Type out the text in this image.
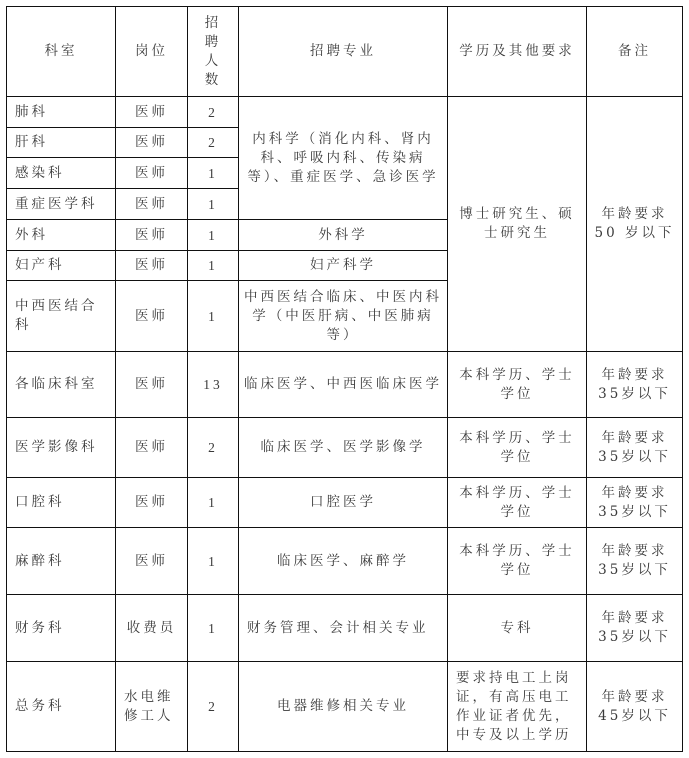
科室	岗位	招
聘
人
数	招聘专业	学历及其他要求	备注
肺科	医师	2	内科学（消化内科、肾内科、呼吸内科、传染病等）、重症医学、急诊医学	博士研究生、硕士研究生	年龄要求 50 岁以下
肝科	医师	2			
感染科	医师	1			
重症医学科	医师	1			
外科	医师	1	外科学		
妇产科	医师	1	妇产科学		
中西医结合科	医师	1	中西医结合临床、中医内科学（中医肝病、中医肺病等）		
各临床科室	医师	13	临床医学、中西医临床医学	本科学历、学士学位	年龄要求35岁以下
医学影像科	医师	2	临床医学、医学影像学	本科学历、学士学位	年龄要求35岁以下
口腔科	医师	1	口腔医学	本科学历、学士学位	年龄要求35岁以下
麻醉科	医师	1	临床医学、麻醉学	本科学历、学士学位	年龄要求35岁以下
财务科	收费员	1	财务管理、会计相关专业	专科	年龄要求35岁以下
总务科	水电维修工人	2	电器维修相关专业	要求持电工上岗证，有高压电工作业证者优先，中专及以上学历	年龄要求45岁以下
